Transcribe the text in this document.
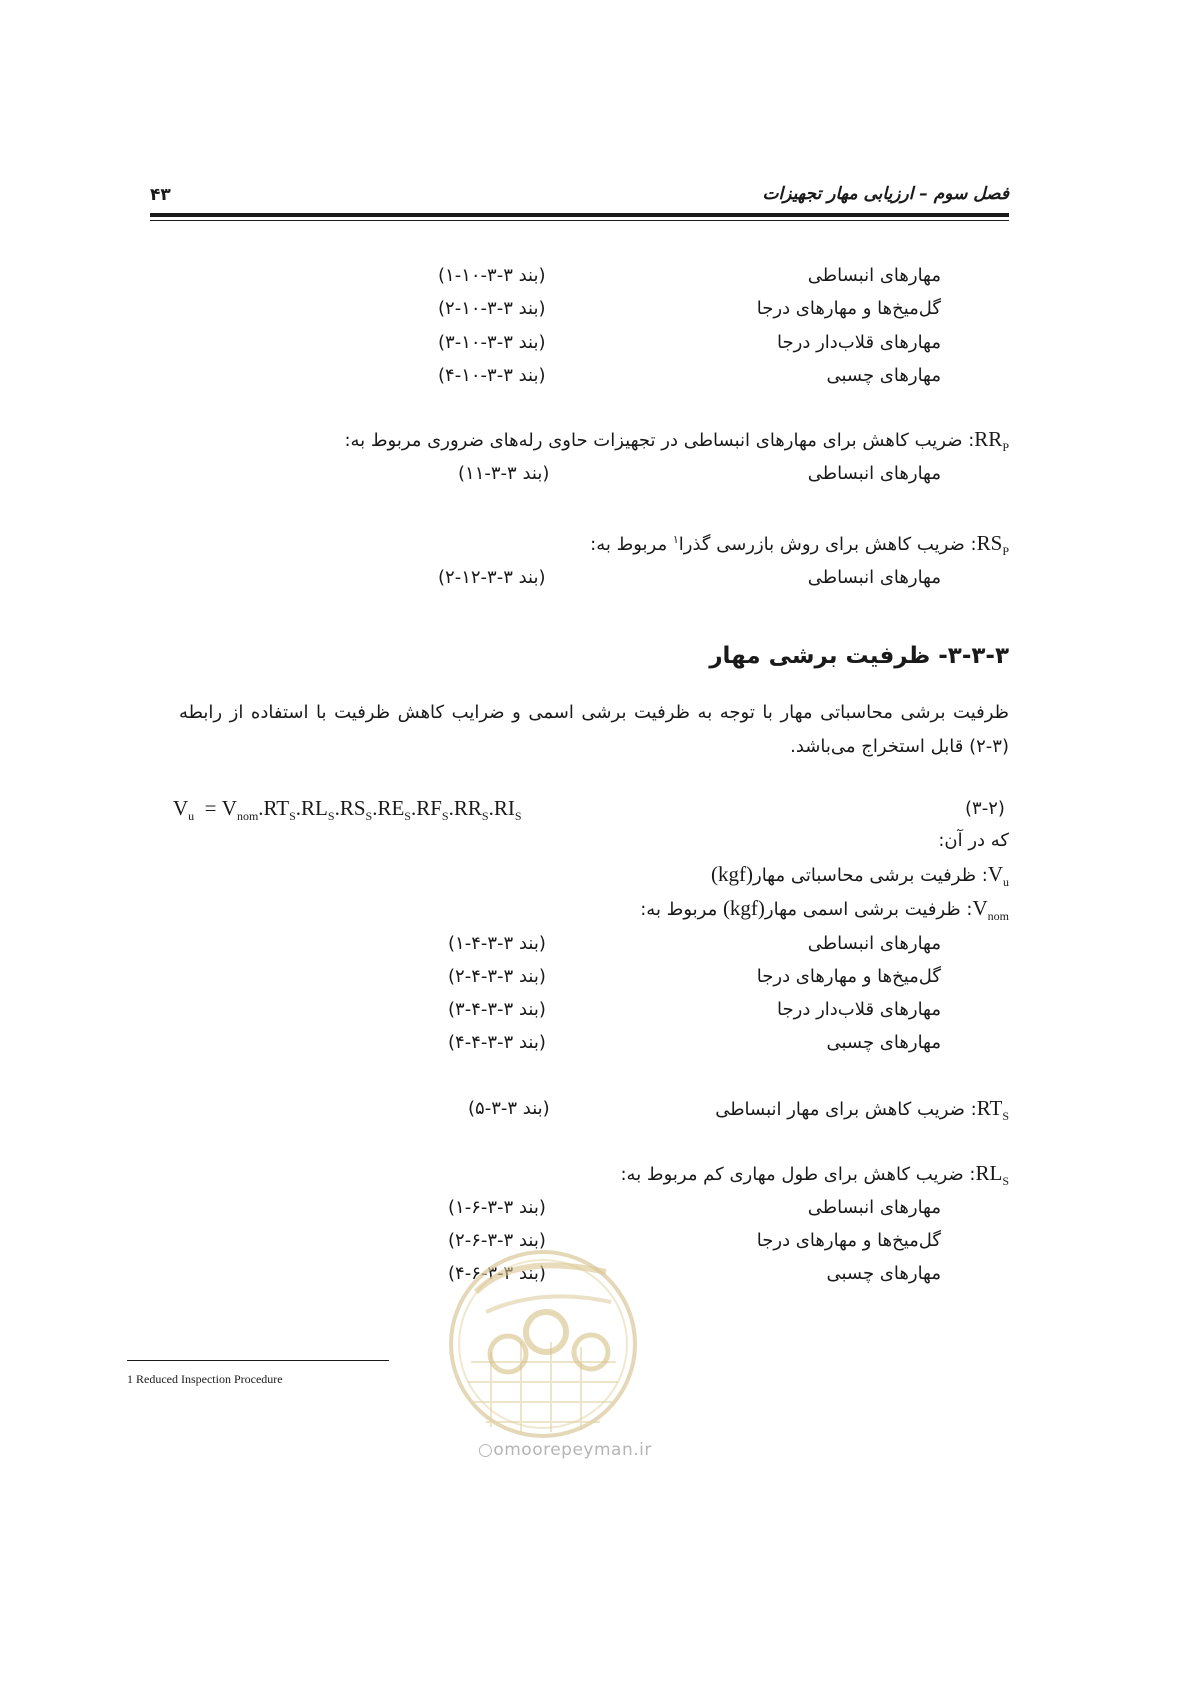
۴۳	فصل سوم – ارزیابی مهار تجهیزات
مهارهای انبساطی
(بند ۳-۳-۱۰-۱)
گل‌میخ‌ها و مهارهای درجا
(بند ۳-۳-۱۰-۲)
مهارهای قلاب‌دار درجا
(بند ۳-۳-۱۰-۳)
مهارهای چسبی
(بند ۳-۳-۱۰-۴)
$RR_P$: ضریب کاهش برای مهارهای انبساطی در تجهیزات حاوی رله‌های ضروری مربوط به:
مهارهای انبساطی
(بند ۳-۳-۱۱)
$RS_P$: ضریب کاهش برای روش بازرسی گذرا$^۱$ مربوط به:
مهارهای انبساطی
(بند ۳-۳-۱۲-۲)
۳-۳-۳- ظرفیت برشی مهار
ظرفیت برشی محاسباتی مهار با توجه به ظرفیت برشی اسمی و ضرایب کاهش ظرفیت با استفاده از رابطه (۳-۲) قابل استخراج می‌باشد.
$V_u = V_{nom}.RT_S.RL_S.RS_S.RE_S.RF_S.RR_S.RI_S$	(۳-۲)
که در آن:
$V_u$: ظرفیت برشی محاسباتی مهار(kgf)
$V_{nom}$: ظرفیت برشی اسمی مهار(kgf) مربوط به:
مهارهای انبساطی
(بند ۳-۳-۴-۱)
گل‌میخ‌ها و مهارهای درجا
(بند ۳-۳-۴-۲)
مهارهای قلاب‌دار درجا
(بند ۳-۳-۴-۳)
مهارهای چسبی
(بند ۳-۳-۴-۴)
$RT_S$: ضریب کاهش برای مهار انبساطی
(بند ۳-۳-۵)
$RL_S$: ضریب کاهش برای طول مهاری کم مربوط به:
مهارهای انبساطی
(بند ۳-۳-۶-۱)
گل‌میخ‌ها و مهارهای درجا
(بند ۳-۳-۶-۲)
مهارهای چسبی
(بند ۳-۳-۶-۴)
1 Reduced Inspection Procedure
○omoorepeyman.ir
